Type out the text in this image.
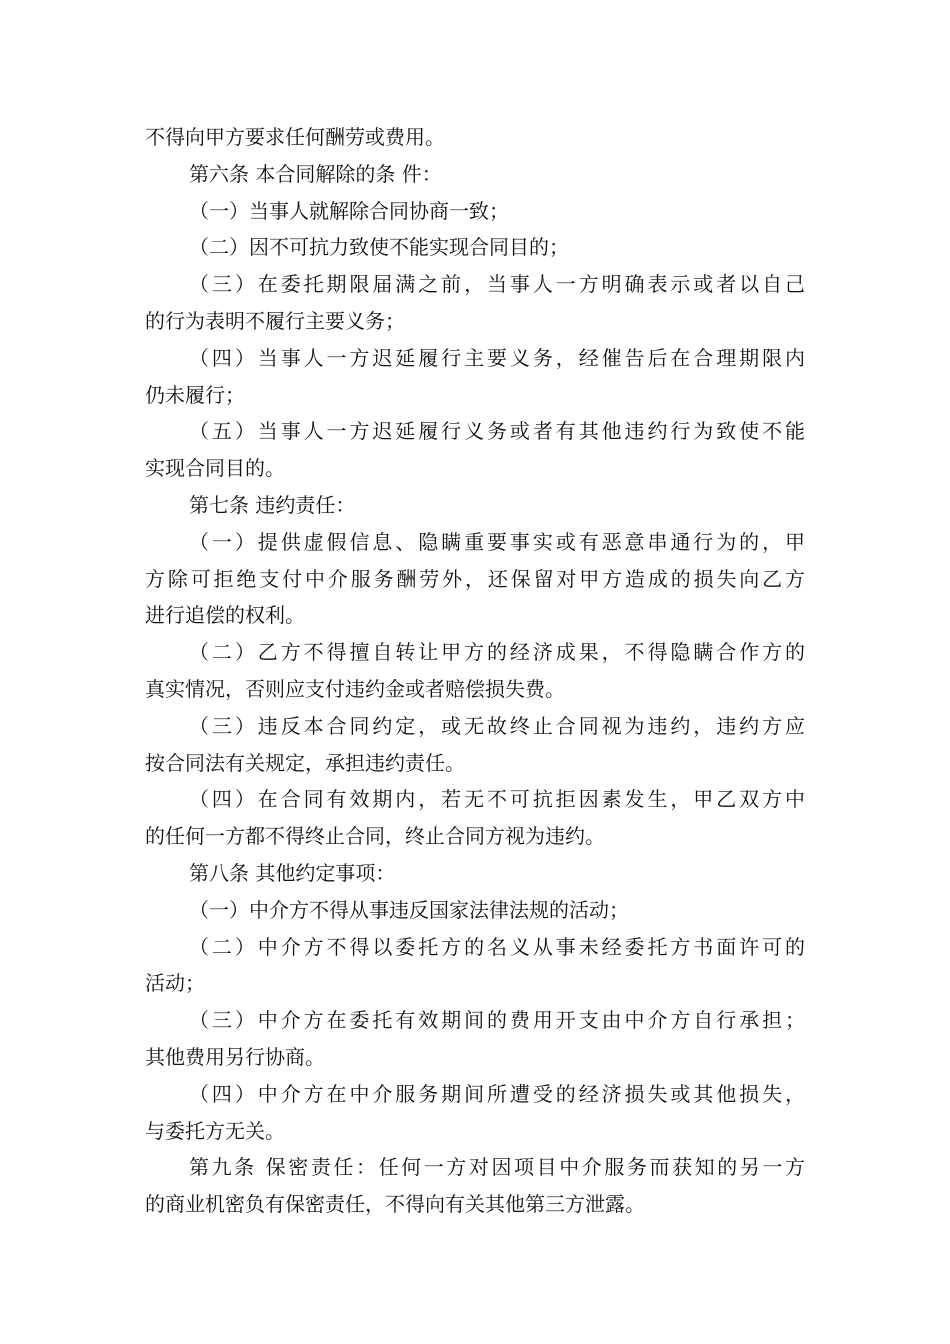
不得向甲方要求任何酬劳或费用。
第六条 本合同解除的条 件：
（一）当事人就解除合同协商一致；
（二）因不可抗力致使不能实现合同目的；
（三）在委托期限届满之前，当事人一方明确表示或者以自己
的行为表明不履行主要义务；
（四）当事人一方迟延履行主要义务，经催告后在合理期限内
仍未履行；
（五）当事人一方迟延履行义务或者有其他违约行为致使不能
实现合同目的。
第七条 违约责任：
（一）提供虚假信息、隐瞒重要事实或有恶意串通行为的，甲
方除可拒绝支付中介服务酬劳外，还保留对甲方造成的损失向乙方
进行追偿的权利。
（二）乙方不得擅自转让甲方的经济成果，不得隐瞒合作方的
真实情况，否则应支付违约金或者赔偿损失费。
（三）违反本合同约定，或无故终止合同视为违约，违约方应
按合同法有关规定，承担违约责任。
（四）在合同有效期内，若无不可抗拒因素发生，甲乙双方中
的任何一方都不得终止合同，终止合同方视为违约。
第八条 其他约定事项：
（一）中介方不得从事违反国家法律法规的活动；
（二）中介方不得以委托方的名义从事未经委托方书面许可的
活动；
（三）中介方在委托有效期间的费用开支由中介方自行承担；
其他费用另行协商。
（四）中介方在中介服务期间所遭受的经济损失或其他损失，
与委托方无关。
第九条 保密责任：任何一方对因项目中介服务而获知的另一方
的商业机密负有保密责任，不得向有关其他第三方泄露。
